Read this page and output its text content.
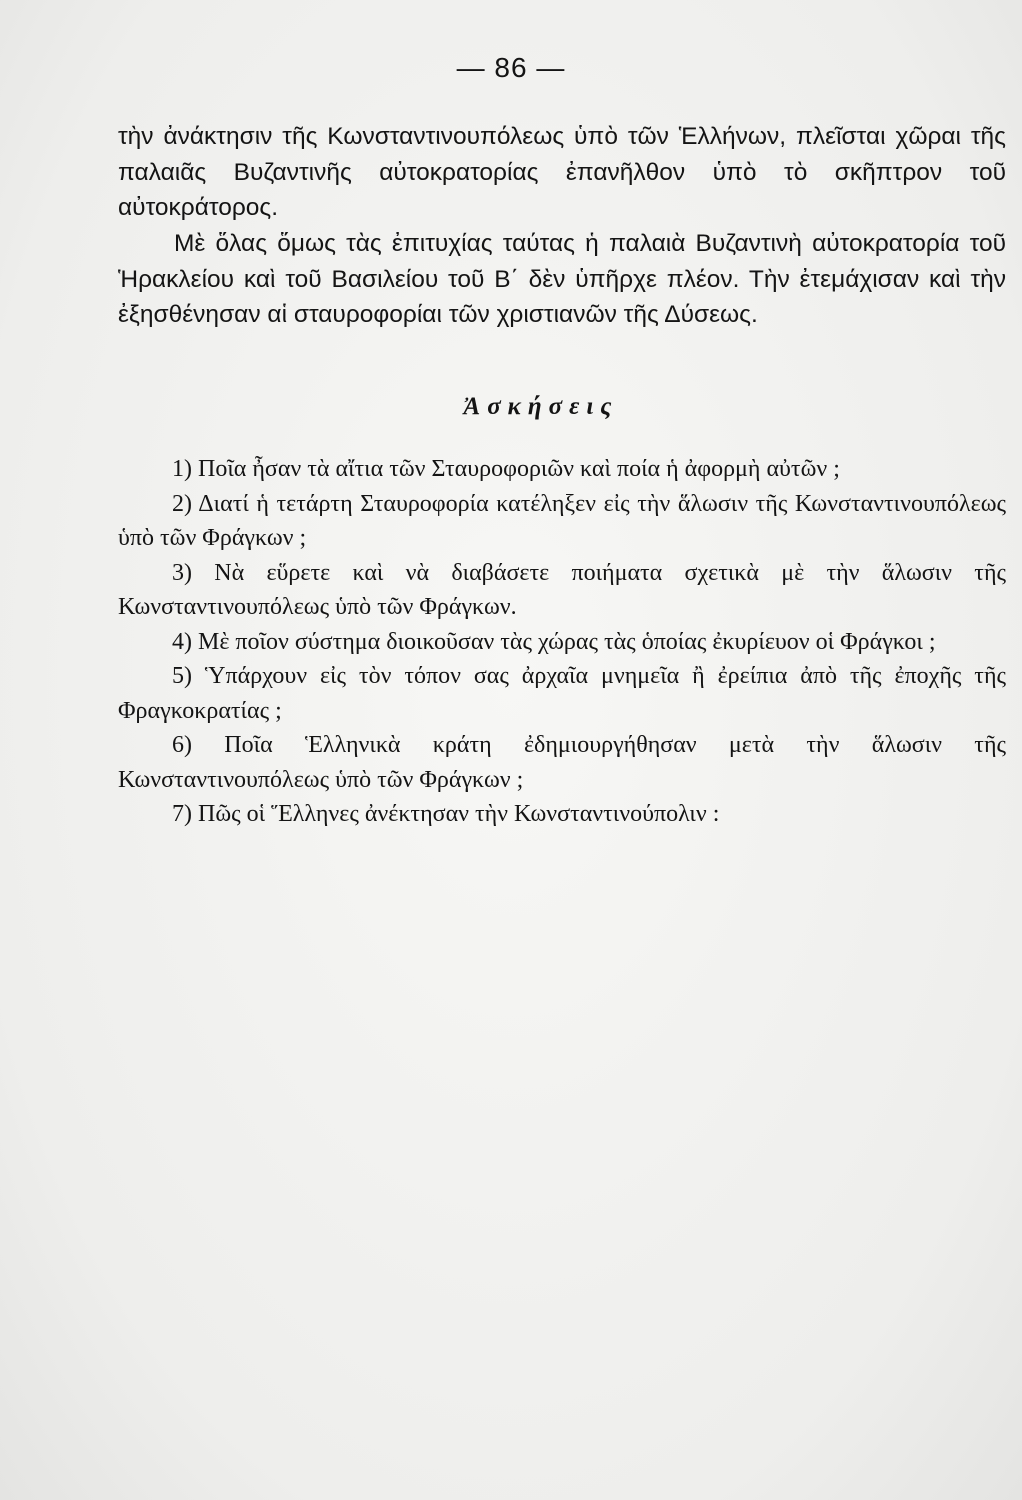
— 86 —

τὴν ἀνάκτησιν τῆς Κωνσταντινουπόλεως ὑπὸ τῶν Ἑλλήνων, πλεῖσται χῶραι τῆς παλαιᾶς Βυζαντινῆς αὐτοκρατορίας ἐπανῆλθον ὑπὸ τὸ σκῆπτρον τοῦ αὐτοκράτορος.

Μὲ ὅλας ὅμως τὰς ἐπιτυχίας ταύτας ἡ παλαιὰ Βυζαντινὴ αὐτοκρατορία τοῦ Ἡρακλείου καὶ τοῦ Βασιλείου τοῦ Β΄ δὲν ὑπῆρχε πλέον. Τὴν ἐτεμάχισαν καὶ τὴν ἐξησθένησαν αἱ σταυροφορίαι τῶν χριστιανῶν τῆς Δύσεως.

Ἀσκήσεις
1) Ποῖα ἦσαν τὰ αἴτια τῶν Σταυροφοριῶν καὶ ποία ἡ ἀφορμὴ αὐτῶν ;
2) Διατί ἡ τετάρτη Σταυροφορία κατέληξεν εἰς τὴν ἅλωσιν τῆς Κωνσταντινουπόλεως ὑπὸ τῶν Φράγκων ;
3) Νὰ εὕρετε καὶ νὰ διαβάσετε ποιήματα σχετικὰ μὲ τὴν ἅλωσιν τῆς Κωνσταντινουπόλεως ὑπὸ τῶν Φράγκων.
4) Μὲ ποῖον σύστημα διοικοῦσαν τὰς χώρας τὰς ὁποίας ἐκυρίευον οἱ Φράγκοι ;
5) Ὑπάρχουν εἰς τὸν τόπον σας ἀρχαῖα μνημεῖα ἢ ἐρείπια ἀπὸ τῆς ἐποχῆς τῆς Φραγκοκρατίας ;
6) Ποῖα Ἑλληνικὰ κράτη ἐδημιουργήθησαν μετὰ τὴν ἅλωσιν τῆς Κωνσταντινουπόλεως ὑπὸ τῶν Φράγκων ;
7) Πῶς οἱ Ἕλληνες ἀνέκτησαν τὴν Κωνσταντινούπολιν :
